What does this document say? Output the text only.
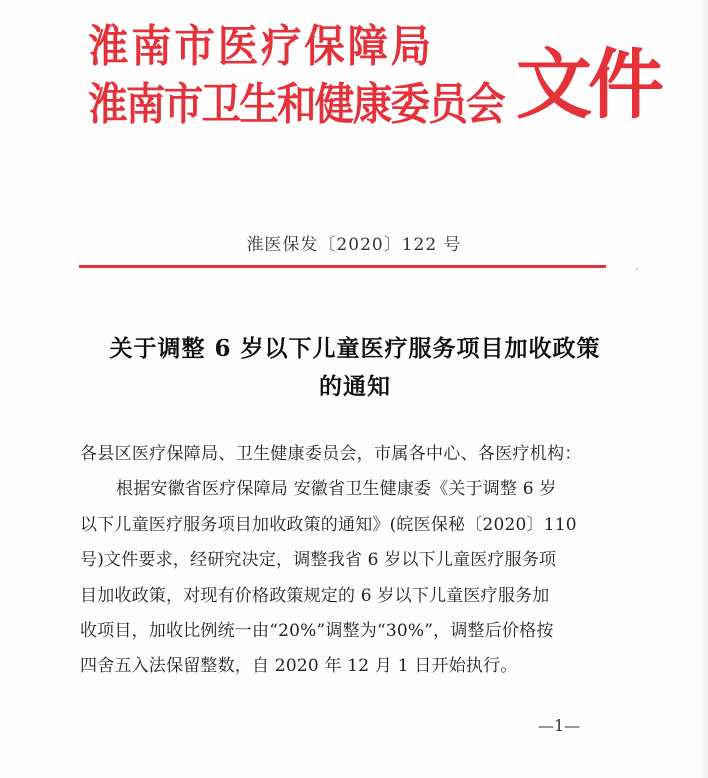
淮南市医疗保障局
淮南市卫生和健康委员会 文件
淮医保发〔2020〕122 号
关于调整 6 岁以下儿童医疗服务项目加收政策
的通知
各县区医疗保障局、卫生健康委员会，市属各中心、各医疗机构：
根据安徽省医疗保障局 安徽省卫生健康委《关于调整 6 岁
以下儿童医疗服务项目加收政策的通知》(皖医保秘〔2020〕110
号)文件要求，经研究决定，调整我省 6 岁以下儿童医疗服务项
目加收政策，对现有价格政策规定的 6 岁以下儿童医疗服务加
收项目，加收比例统一由“20%”调整为“30%”，调整后价格按
四舍五入法保留整数，自 2020 年 12 月 1 日开始执行。
—1—
